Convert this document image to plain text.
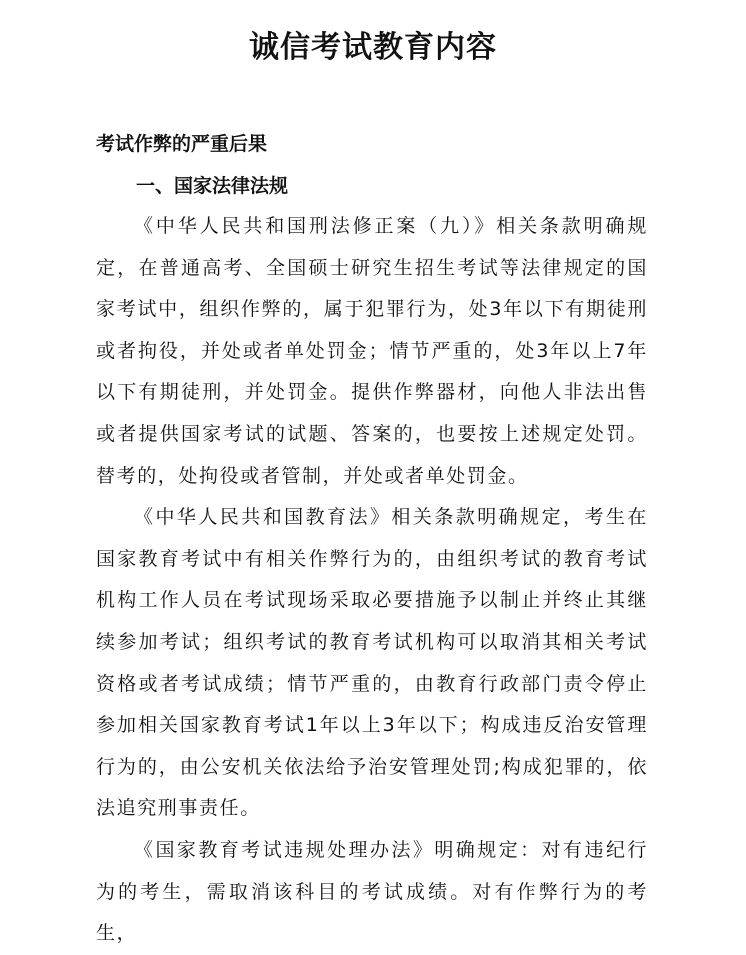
诚信考试教育内容
考试作弊的严重后果
一、国家法律法规

《中华人民共和国刑法修正案（九）》相关条款明确规定，在普通高考、全国硕士研究生招生考试等法律规定的国家考试中，组织作弊的，属于犯罪行为，处3年以下有期徒刑或者拘役，并处或者单处罚金；情节严重的，处3年以上7年以下有期徒刑，并处罚金。提供作弊器材，向他人非法出售或者提供国家考试的试题、答案的，也要按上述规定处罚。替考的，处拘役或者管制，并处或者单处罚金。

《中华人民共和国教育法》相关条款明确规定，考生在国家教育考试中有相关作弊行为的，由组织考试的教育考试机构工作人员在考试现场采取必要措施予以制止并终止其继续参加考试；组织考试的教育考试机构可以取消其相关考试资格或者考试成绩；情节严重的，由教育行政部门责令停止参加相关国家教育考试1年以上3年以下；构成违反治安管理行为的，由公安机关依法给予治安管理处罚;构成犯罪的，依法追究刑事责任。

《国家教育考试违规处理办法》明确规定：对有违纪行为的考生，需取消该科目的考试成绩。对有作弊行为的考生，
